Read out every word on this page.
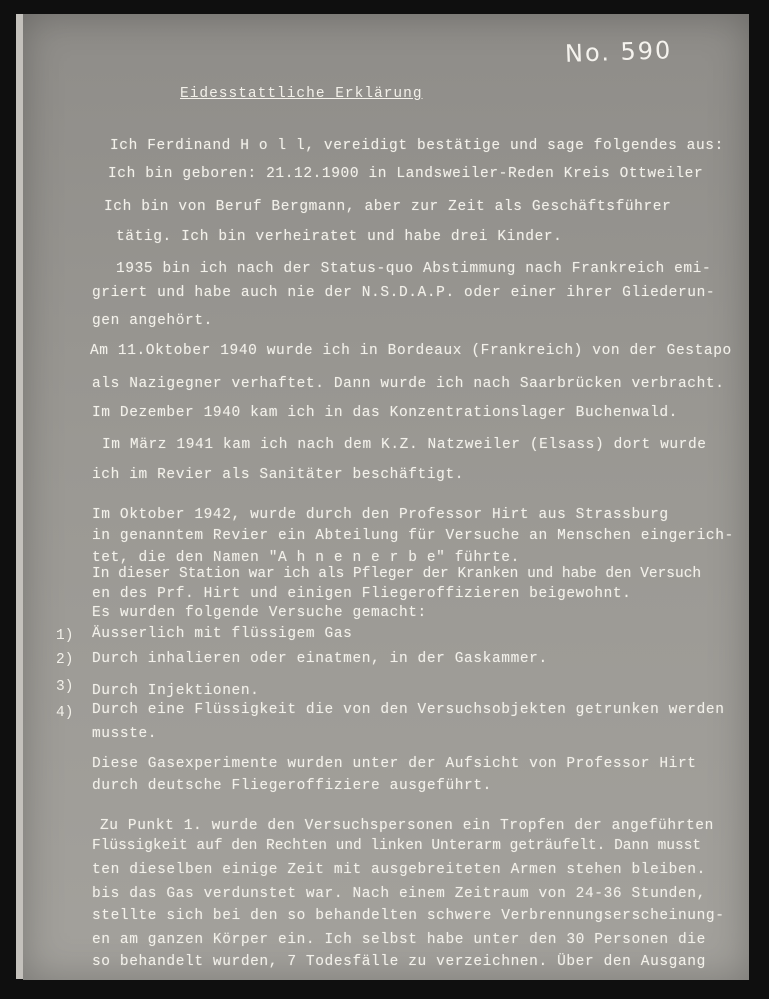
No. 590
Eidesstattliche Erklärung
Ich Ferdinand H o l l, vereidigt bestätige und sage folgendes aus:
Ich bin geboren: 21.12.1900 in Landsweiler-Reden Kreis Ottweiler
Ich bin von Beruf Bergmann, aber zur Zeit als Geschäftsführer
tätig. Ich bin verheiratet und habe drei Kinder.
1935 bin ich nach der Status-quo Abstimmung nach Frankreich emi-
griert und habe auch nie der N.S.D.A.P. oder einer ihrer Gliederun-
gen angehört.
Am 11.Oktober 1940 wurde ich in Bordeaux (Frankreich) von der Gestapo
als Nazigegner verhaftet. Dann wurde ich nach Saarbrücken verbracht.
Im Dezember 1940 kam ich in das Konzentrationslager Buchenwald.
Im März 1941 kam ich nach dem K.Z. Natzweiler (Elsass) dort wurde
ich im Revier als Sanitäter beschäftigt.
Im Oktober 1942, wurde durch den Professor Hirt aus Strassburg
in genanntem Revier ein Abteilung für Versuche an Menschen eingerich-
tet, die den Namen "A h n e n e r b e" führte.
In dieser Station war ich als Pfleger der Kranken und habe den Versuch
en des Prf. Hirt und einigen Fliegeroffizieren beigewohnt.
Es wurden folgende Versuche gemacht:
1) Äusserlich mit flüssigem Gas
2) Durch inhalieren oder einatmen, in der Gaskammer.
3) Durch Injektionen.
4) Durch eine Flüssigkeit die von den Versuchsobjekten getrunken werden
musste.
Diese Gasexperimente wurden unter der Aufsicht von Professor Hirt
durch deutsche Fliegeroffiziere ausgeführt.
Zu Punkt 1. wurde den Versuchspersonen ein Tropfen der angeführten
Flüssigkeit auf den Rechten und linken Unterarm geträufelt. Dann musst
ten dieselben einige Zeit mit ausgebreiteten Armen stehen bleiben.
bis das Gas verdunstet war. Nach einem Zeitraum von 24-36 Stunden,
stellte sich bei den so behandelten schwere Verbrennungserscheinung-
en am ganzen Körper ein. Ich selbst habe unter den 30 Personen die
so behandelt wurden, 7 Todesfälle zu verzeichnen. Über den Ausgang
